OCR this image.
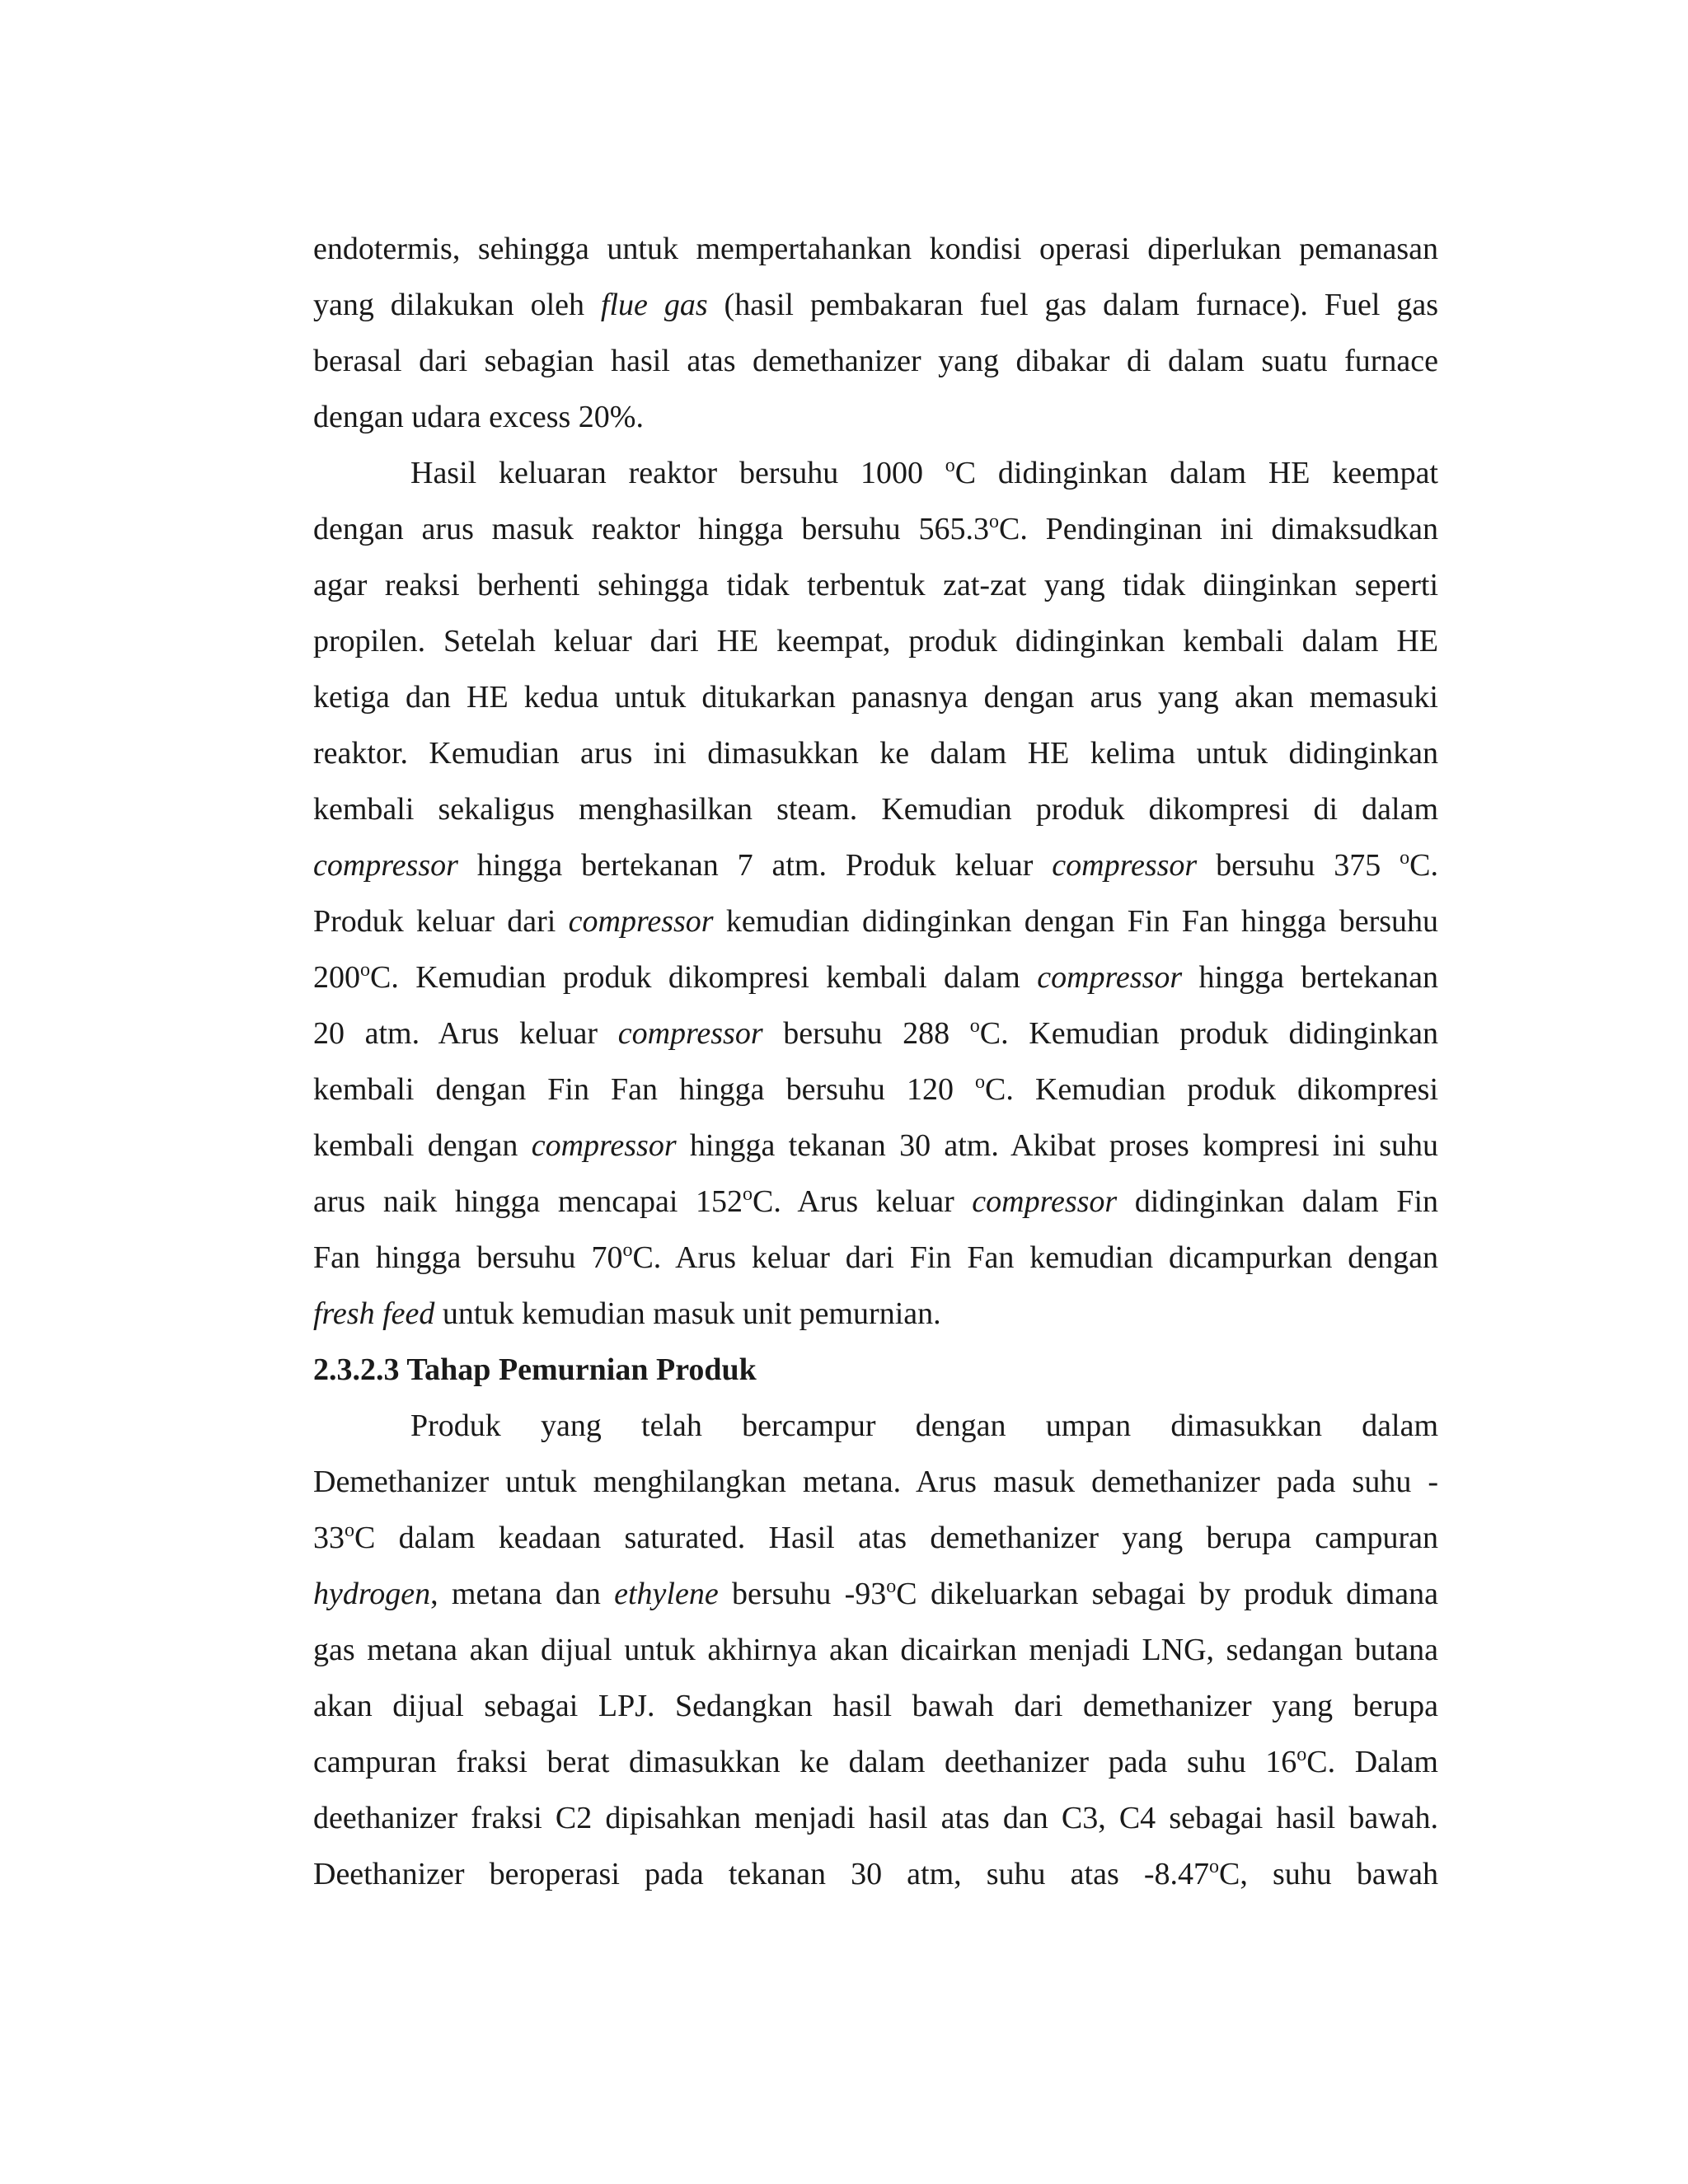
endotermis, sehingga untuk mempertahankan kondisi operasi diperlukan pemanasan
yang dilakukan oleh flue gas (hasil pembakaran fuel gas dalam furnace). Fuel gas
berasal dari sebagian hasil atas demethanizer yang dibakar di dalam suatu furnace
dengan udara excess 20%.
Hasil keluaran reaktor bersuhu 1000 $^o$C didinginkan dalam HE keempat
dengan arus masuk reaktor hingga bersuhu 565.3$^o$C. Pendinginan ini dimaksudkan
agar reaksi berhenti sehingga tidak terbentuk zat-zat yang tidak diinginkan seperti
propilen. Setelah keluar dari HE keempat, produk didinginkan kembali dalam HE
ketiga dan HE kedua untuk ditukarkan panasnya dengan arus yang akan memasuki
reaktor. Kemudian arus ini dimasukkan ke dalam HE kelima untuk didinginkan
kembali sekaligus menghasilkan steam. Kemudian produk dikompresi di dalam
compressor hingga bertekanan 7 atm. Produk keluar compressor bersuhu 375 $^o$C.
Produk keluar dari compressor kemudian didinginkan dengan Fin Fan hingga bersuhu
200$^o$C. Kemudian produk dikompresi kembali dalam compressor hingga bertekanan
20 atm. Arus keluar compressor bersuhu 288 $^o$C. Kemudian produk didinginkan
kembali dengan Fin Fan hingga bersuhu 120 $^o$C. Kemudian produk dikompresi
kembali dengan compressor hingga tekanan 30 atm. Akibat proses kompresi ini suhu
arus naik hingga mencapai 152$^o$C. Arus keluar compressor didinginkan dalam Fin
Fan hingga bersuhu 70$^o$C. Arus keluar dari Fin Fan kemudian dicampurkan dengan
fresh feed untuk kemudian masuk unit pemurnian.
2.3.2.3 Tahap Pemurnian Produk
Produk yang telah bercampur dengan umpan dimasukkan dalam
Demethanizer untuk menghilangkan metana. Arus masuk demethanizer pada suhu -
33$^o$C dalam keadaan saturated. Hasil atas demethanizer yang berupa campuran
hydrogen, metana dan ethylene bersuhu -93$^o$C dikeluarkan sebagai by produk dimana
gas metana akan dijual untuk akhirnya akan dicairkan menjadi LNG, sedangan butana
akan dijual sebagai LPJ. Sedangkan hasil bawah dari demethanizer yang berupa
campuran fraksi berat dimasukkan ke dalam deethanizer pada suhu 16$^o$C. Dalam
deethanizer fraksi C2 dipisahkan menjadi hasil atas dan C3, C4 sebagai hasil bawah.
Deethanizer beroperasi pada tekanan 30 atm, suhu atas -8.47$^o$C, suhu bawah
